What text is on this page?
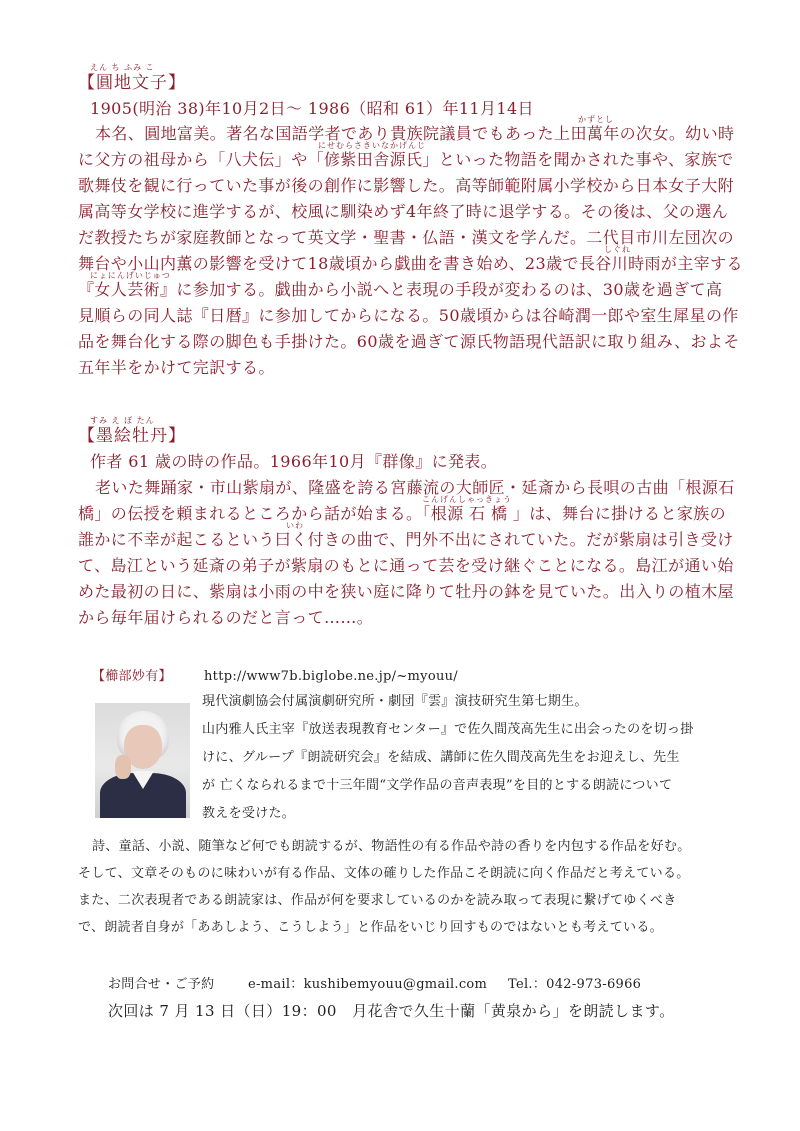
えん ち ふみ こ
【圓地文子】
1905(明治 38)年10月2日～ 1986（昭和 61）年11月14日
かずとし
本名、圓地富美。著名な国語学者であり貴族院議員でもあった上田萬年の次女。幼い時
にせむらさきいなかげんじ
に父方の祖母から「八犬伝」や「偐紫田舎源氏」といった物語を聞かされた事や、家族で
歌舞伎を観に行っていた事が後の創作に影響した。高等師範附属小学校から日本女子大附
属高等女学校に進学するが、校風に馴染めず4年終了時に退学する。その後は、父の選ん
だ教授たちが家庭教師となって英文学・聖書・仏語・漢文を学んだ。二代目市川左団次の
しぐれ
舞台や小山内薫の影響を受けて18歳頃から戯曲を書き始め、23歳で長谷川時雨が主宰する
にょにんげいじゅつ
『女人芸術』に参加する。戯曲から小説へと表現の手段が変わるのは、30歳を過ぎて高
見順らの同人誌『日暦』に参加してからになる。50歳頃からは谷崎潤一郎や室生犀星の作
品を舞台化する際の脚色も手掛けた。60歳を過ぎて源氏物語現代語訳に取り組み、およそ
五年半をかけて完訳する。
すみ え ぼ たん
【墨絵牡丹】
作者 61 歳の時の作品。1966年10月『群像』に発表。
老いた舞踊家・市山紫扇が、隆盛を誇る宮藤流の大師匠・延斎から長唄の古曲「根源石
こんげんしゃっきょう
橋」の伝授を頼まれるところから話が始まる。「根源 石 橋 」は、舞台に掛けると家族の
いわ
誰かに不幸が起こるという曰く付きの曲で、門外不出にされていた。だが紫扇は引き受け
て、島江という延斎の弟子が紫扇のもとに通って芸を受け継ぐことになる。島江が通い始
めた最初の日に、紫扇は小雨の中を狭い庭に降りて牡丹の鉢を見ていた。出入りの植木屋
から毎年届けられるのだと言って……。
【櫛部妙有】 http://www7b.biglobe.ne.jp/~myouu/
現代演劇協会付属演劇研究所・劇団『雲』演技研究生第七期生。
山内雅人氏主宰『放送表現教育センター』で佐久間茂高先生に出会ったのを切っ掛
けに、グループ『朗読研究会』を結成、講師に佐久間茂高先生をお迎えし、先生
が 亡くなられるまで十三年間“文学作品の音声表現”を目的とする朗読について
教えを受けた。
詩、童話、小説、随筆など何でも朗読するが、物語性の有る作品や詩の香りを内包する作品を好む。
そして、文章そのものに味わいが有る作品、文体の確りした作品こそ朗読に向く作品だと考えている。
また、二次表現者である朗読家は、作品が何を要求しているのかを読み取って表現に繋げてゆくべき
で、朗読者自身が「ああしよう、こうしよう」と作品をいじり回すものではないとも考えている。
お問合せ・ご予約	e-mail：kushibemyouu@gmail.com Tel.：042-973-6966
次回は 7 月 13 日（日）19：00　月花舎で久生十蘭「黄泉から」を朗読します。
